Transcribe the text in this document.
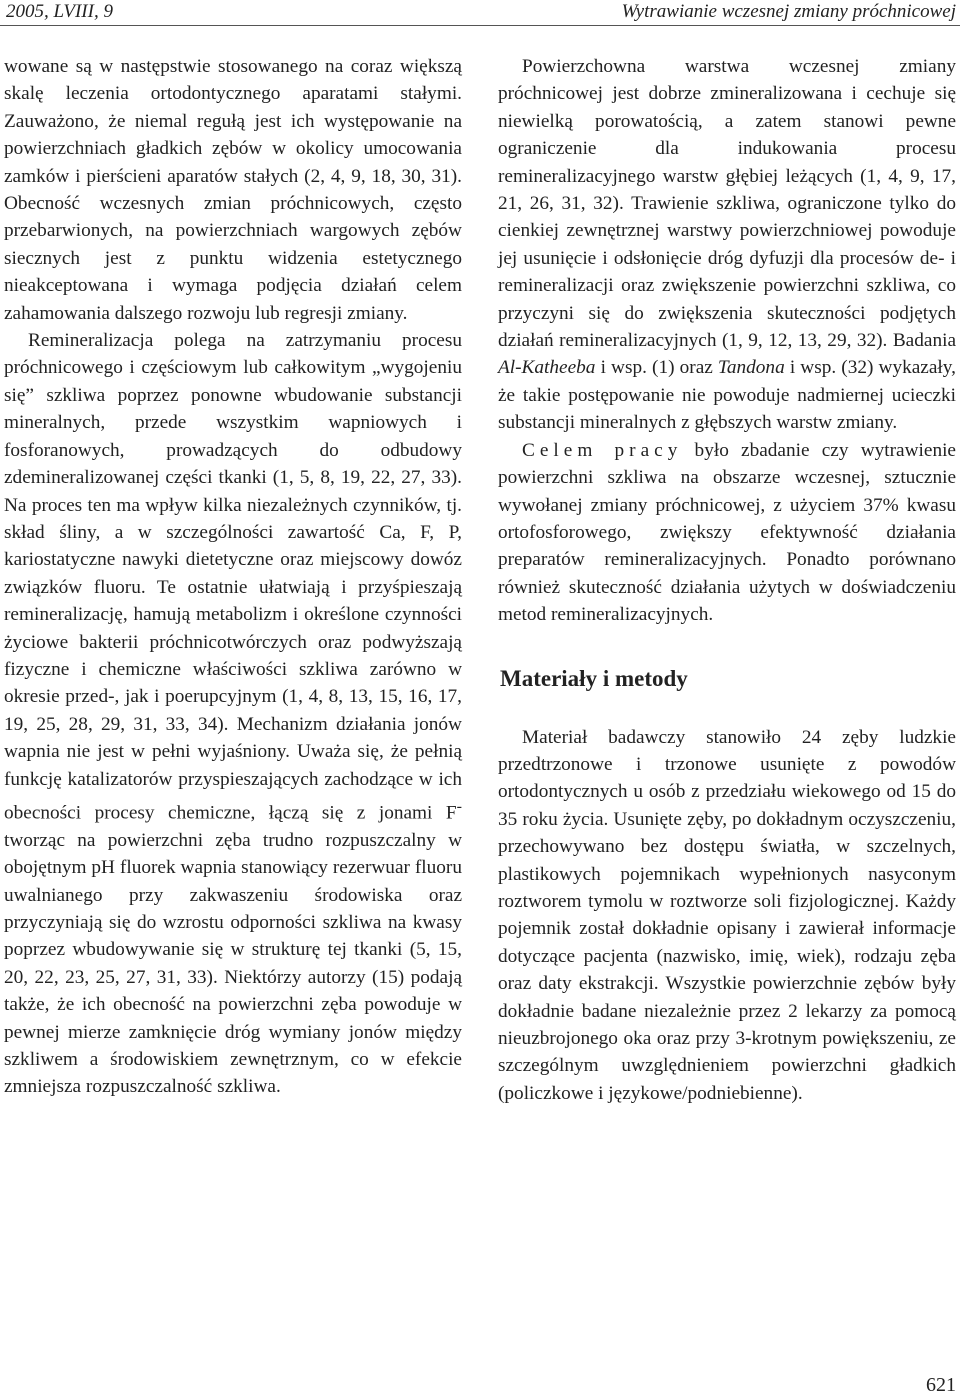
2005, LVIII, 9	Wytrawianie wczesnej zmiany próchnicowej

wowane są w następstwie stosowanego na coraz większą skalę leczenia ortodontycznego aparatami stałymi. Zauważono, że niemal regułą jest ich występowanie na powierzchniach gładkich zębów w okolicy umocowania zamków i pierścieni aparatów stałych (2, 4, 9, 18, 30, 31). Obecność wczesnych zmian próchnicowych, często przebarwionych, na powierzchniach wargowych zębów siecznych jest z punktu widzenia estetycznego nieakceptowana i wymaga podjęcia działań celem zahamowania dalszego rozwoju lub regresji zmiany.

Remineralizacja polega na zatrzymaniu procesu próchnicowego i częściowym lub całkowitym „wygojeniu się” szkliwa poprzez ponowne wbudowanie substancji mineralnych, przede wszystkim wapniowych i fosforanowych, prowadzących do odbudowy zdemineralizowanej części tkanki (1, 5, 8, 19, 22, 27, 33). Na proces ten ma wpływ kilka niezależnych czynników, tj. skład śliny, a w szczególności zawartość Ca, F, P, kariostatyczne nawyki dietetyczne oraz miejscowy dowóz związków fluoru. Te ostatnie ułatwiają i przyśpieszają remineralizację, hamują metabolizm i określone czynności życiowe bakterii próchnicotwórczych oraz podwyższają fizyczne i chemiczne właściwości szkliwa zarówno w okresie przed-, jak i poerupcyjnym (1, 4, 8, 13, 15, 16, 17, 19, 25, 28, 29, 31, 33, 34). Mechanizm działania jonów wapnia nie jest w pełni wyjaśniony. Uważa się, że pełnią funkcję katalizatorów przyspieszających zachodzące w ich obecności procesy chemiczne, łączą się z jonami F- tworząc na powierzchni zęba trudno rozpuszczalny w obojętnym pH fluorek wapnia stanowiący rezerwuar fluoru uwalnianego przy zakwaszeniu środowiska oraz przyczyniają się do wzrostu odporności szkliwa na kwasy poprzez wbudowywanie się w strukturę tej tkanki (5, 15, 20, 22, 23, 25, 27, 31, 33). Niektórzy autorzy (15) podają także, że ich obecność na powierzchni zęba powoduje w pewnej mierze zamknięcie dróg wymiany jonów między szkliwem a środowiskiem zewnętrznym, co w efekcie zmniejsza rozpuszczalność szkliwa.

Powierzchowna warstwa wczesnej zmiany próchnicowej jest dobrze zmineralizowana i cechuje się niewielką porowatością, a zatem stanowi pewne ograniczenie dla indukowania procesu remineralizacyjnego warstw głębiej leżących (1, 4, 9, 17, 21, 26, 31, 32). Trawienie szkliwa, ograniczone tylko do cienkiej zewnętrznej warstwy powierzchniowej powoduje jej usunięcie i odsłonięcie dróg dyfuzji dla procesów de- i remineralizacji oraz zwiększenie powierzchni szkliwa, co przyczyni się do zwiększenia skuteczności podjętych działań remineralizacyjnych (1, 9, 12, 13, 29, 32). Badania Al-Katheeba i wsp. (1) oraz Tandona i wsp. (32) wykazały, że takie postępowanie nie powoduje nadmiernej ucieczki substancji mineralnych z głębszych warstw zmiany.

Celem pracy było zbadanie czy wytrawienie powierzchni szkliwa na obszarze wczesnej, sztucznie wywołanej zmiany próchnicowej, z użyciem 37% kwasu ortofosforowego, zwiększy efektywność działania preparatów remineralizacyjnych. Ponadto porównano również skuteczność działania użytych w doświadczeniu metod remineralizacyjnych.

Materiały i metody

Materiał badawczy stanowiło 24 zęby ludzkie przedtrzonowe i trzonowe usunięte z powodów ortodontycznych u osób z przedziału wiekowego od 15 do 35 roku życia. Usunięte zęby, po dokładnym oczyszczeniu, przechowywano bez dostępu światła, w szczelnych, plastikowych pojemnikach wypełnionych nasyconym roztworem tymolu w roztworze soli fizjologicznej. Każdy pojemnik został dokładnie opisany i zawierał informacje dotyczące pacjenta (nazwisko, imię, wiek), rodzaju zęba oraz daty ekstrakcji. Wszystkie powierzchnie zębów były dokładnie badane niezależnie przez 2 lekarzy za pomocą nieuzbrojonego oka oraz przy 3-krotnym powiększeniu, ze szczególnym uwzględnieniem powierzchni gładkich (policzkowe i językowe/podniebienne).

621
